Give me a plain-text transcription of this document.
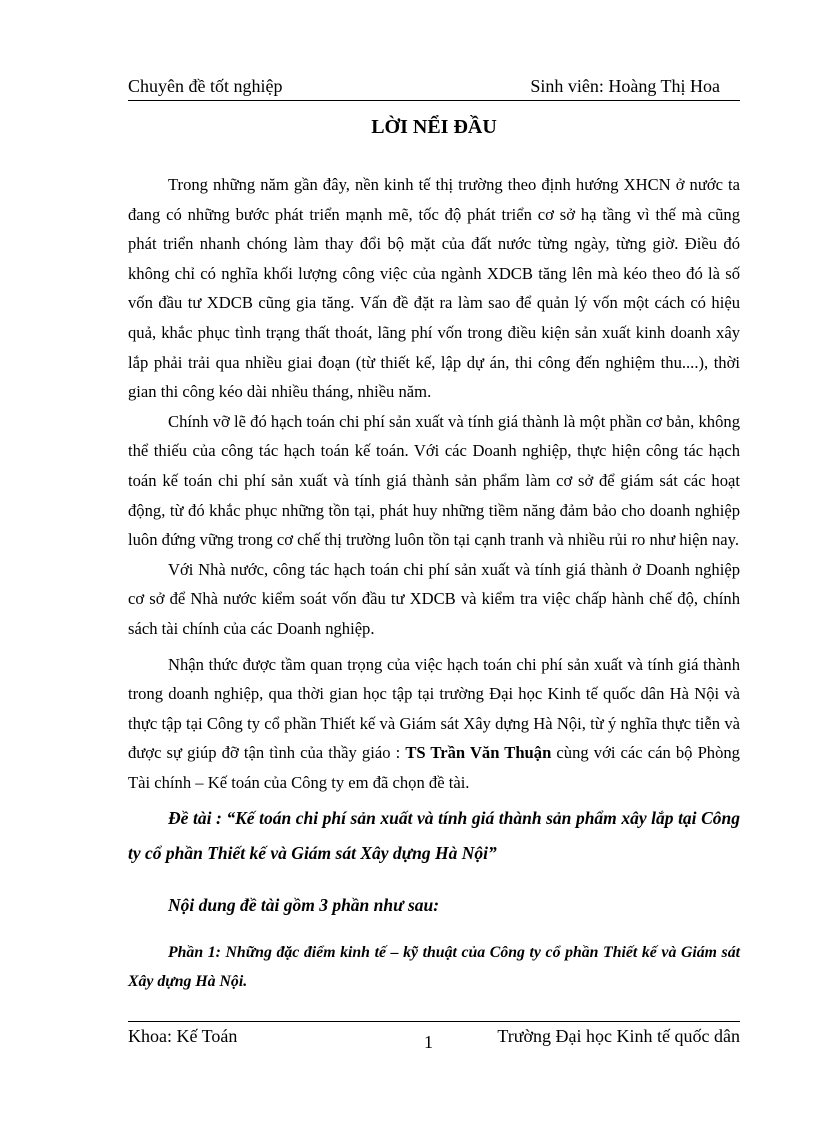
Chuyên đề tốt nghiệp	Sinh viên: Hoàng Thị Hoa
LỜI NỂI ĐẦU

Trong những năm gần đây, nền kinh tế thị trường theo định hướng XHCN ở nước ta đang có những bước phát triển mạnh mẽ, tốc độ phát triển cơ sở hạ tầng vì thế mà cũng phát triển nhanh chóng làm thay đổi bộ mặt của đất nước từng ngày, từng giờ. Điều đó không chỉ có nghĩa khối lượng công việc của ngành XDCB tăng lên mà kéo theo đó là số vốn đầu tư XDCB cũng gia tăng. Vấn đề đặt ra làm sao để quản lý vốn một cách có hiệu quả, khắc phục tình trạng thất thoát, lãng phí vốn trong điều kiện sản xuất kinh doanh xây lắp phải trải qua nhiều giai đoạn (từ thiết kế, lập dự án, thi công đến nghiệm thu....), thời gian thi công kéo dài nhiều tháng, nhiều năm.

Chính vỡ lẽ đó hạch toán chi phí sản xuất và tính giá thành là một phần cơ bản, không thể thiếu của công tác hạch toán kế toán. Với các Doanh nghiệp, thực hiện công tác hạch toán kế toán chi phí sản xuất và tính giá thành sản phẩm làm cơ sở để giám sát các hoạt động, từ đó khắc phục những tồn tại, phát huy những tiềm năng đảm bảo cho doanh nghiệp luôn đứng vững trong cơ chế thị trường luôn tồn tại cạnh tranh và nhiều rủi ro như hiện nay.

Với Nhà nước, công tác hạch toán chi phí sản xuất và tính giá thành ở Doanh nghiệp cơ sở để Nhà nước kiểm soát vốn đầu tư XDCB và kiểm tra việc chấp hành chế độ, chính sách tài chính của các Doanh nghiệp.

Nhận thức được tầm quan trọng của việc hạch toán chi phí sản xuất và tính giá thành trong doanh nghiệp, qua thời gian học tập tại trường Đại học Kinh tế quốc dân Hà Nội và thực tập tại Công ty cổ phần Thiết kế và Giám sát Xây dựng Hà Nội, từ ý nghĩa thực tiễn và được sự giúp đỡ tận tình của thầy giáo : TS Trần Văn Thuận cùng với các cán bộ Phòng Tài chính – Kế toán của Công ty em đã chọn đề tài.

Đề tài : “Kế toán chi phí sản xuất và tính giá thành sản phẩm xây lắp tại Công ty cổ phần Thiết kế và Giám sát Xây dựng Hà Nội”

Nội dung đề tài gồm 3 phần như sau:

Phần 1: Những đặc điểm kinh tế – kỹ thuật của Công ty cổ phần Thiết kế và Giám sát Xây dựng Hà Nội.

Khoa: Kế Toán	1	Trường Đại học Kinh tế quốc dân
